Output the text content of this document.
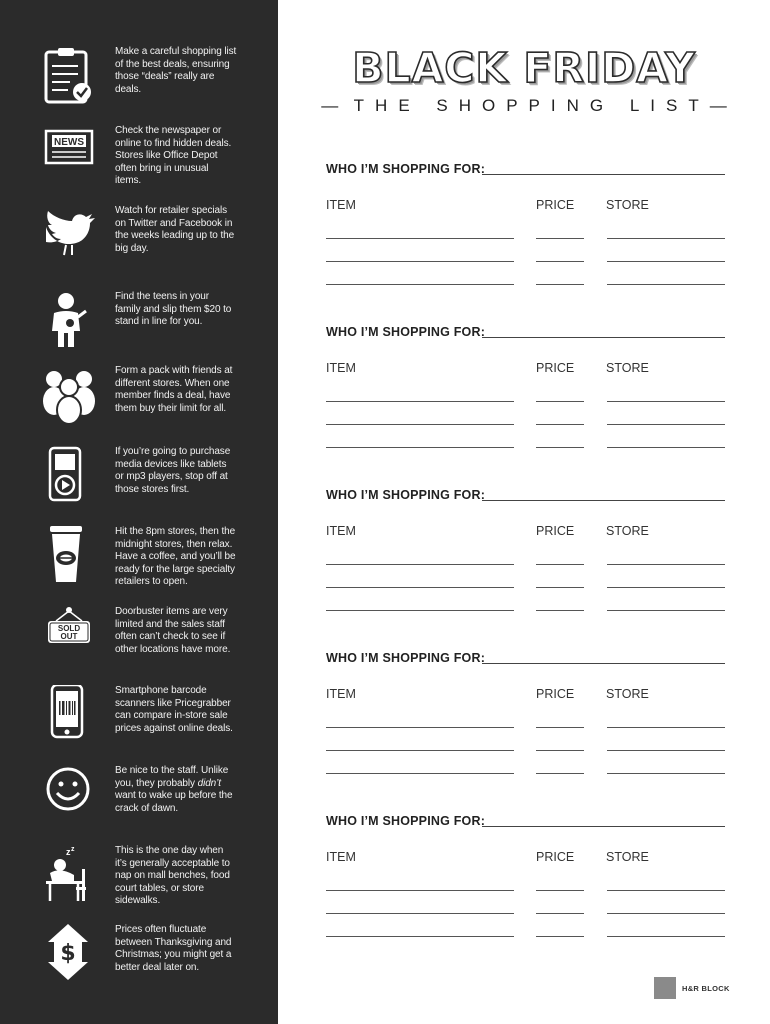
Make a careful shopping list of the best deals, ensuring those “deals” really are deals.
NEWS
Check the newspaper or online to find hidden deals. Stores like Office Depot often bring in unusual items.
Watch for retailer specials on Twitter and Facebook in the weeks leading up to the big day.
Find the teens in your family and slip them $20 to stand in line for you.
Form a pack with friends at different stores. When one member finds a deal, have them buy their limit for all.
If you’re going to purchase media devices like tablets or mp3 players, stop off at those stores first.
Hit the 8pm stores, then the midnight stores, then relax. Have a coffee, and you’ll be ready for the large specialty retailers to open.
SOLD
OUT
Doorbuster items are very limited and the sales staff often can’t check to see if other locations have more.
Smartphone barcode scanners like Pricegrabber can compare in-store sale prices against online deals.
Be nice to the staff. Unlike you, they probably didn’t want to wake up before the crack of dawn.
z z	This is the one day when it’s generally acceptable to nap on mall benches, food court tables, or store sidewalks.
$
Prices often fluctuate between Thanksgiving and Christmas; you might get a better deal later on.
BLACK FRIDAY
— THE SHOPPING LIST—
WHO I’M SHOPPING FOR:
ITEM	PRICE	STORE
WHO I’M SHOPPING FOR:
ITEM	PRICE	STORE
WHO I’M SHOPPING FOR:
ITEM	PRICE	STORE
WHO I’M SHOPPING FOR:
ITEM	PRICE	STORE
WHO I’M SHOPPING FOR:
ITEM	PRICE	STORE
H&R BLOCK
